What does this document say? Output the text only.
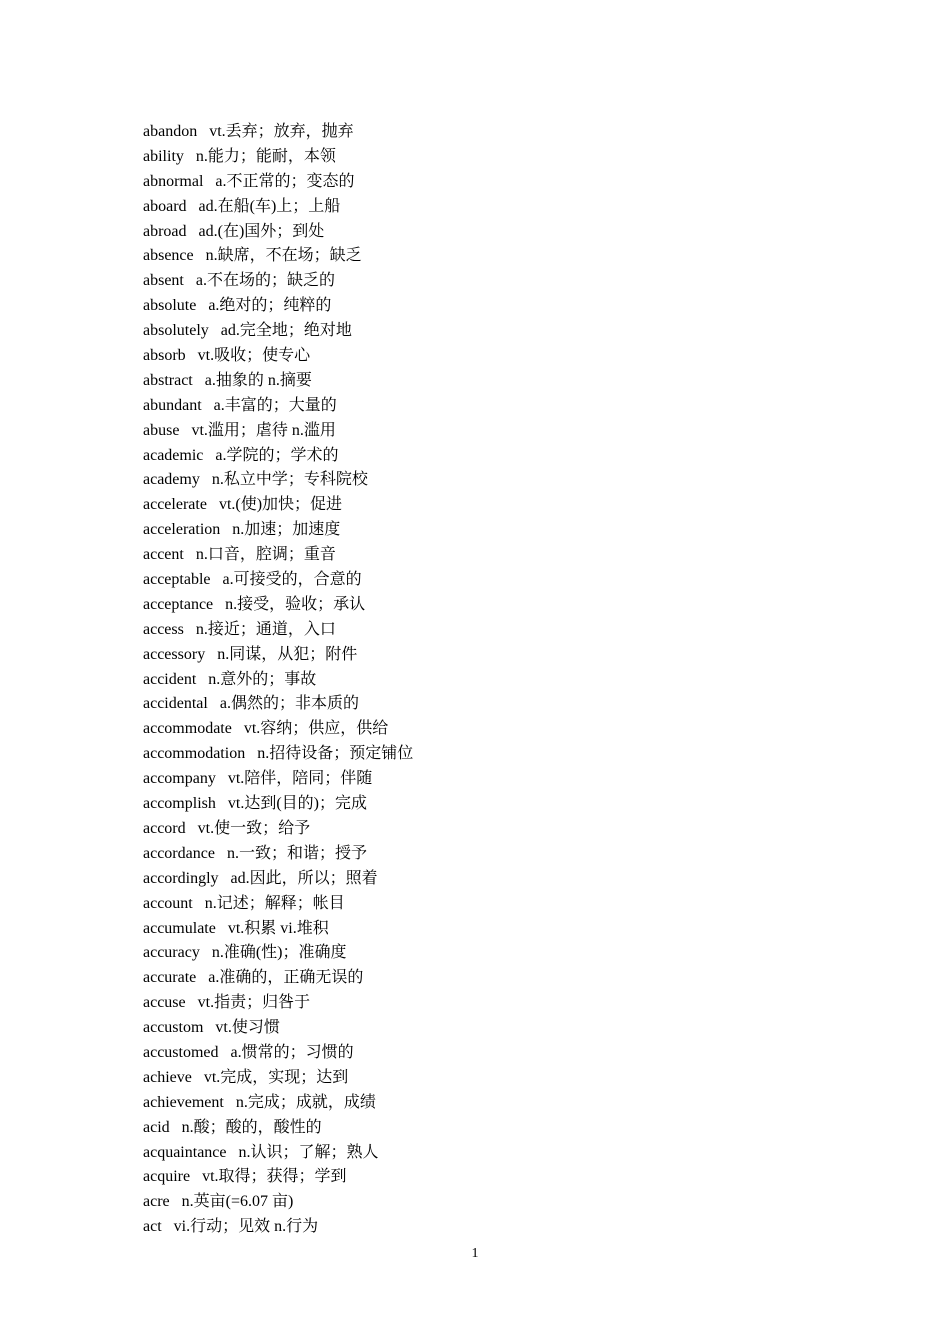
abandon vt.丢弃；放弃，抛弃
ability n.能力；能耐，本领
abnormal a.不正常的；变态的
aboard ad.在船(车)上；上船
abroad ad.(在)国外；到处
absence n.缺席，不在场；缺乏
absent a.不在场的；缺乏的
absolute a.绝对的；纯粹的
absolutely ad.完全地；绝对地
absorb vt.吸收；使专心
abstract a.抽象的 n.摘要
abundant a.丰富的；大量的
abuse vt.滥用；虐待 n.滥用
academic a.学院的；学术的
academy n.私立中学；专科院校
accelerate vt.(使)加快；促进
acceleration n.加速；加速度
accent n.口音，腔调；重音
acceptable a.可接受的，合意的
acceptance n.接受，验收；承认
access n.接近；通道，入口
accessory n.同谋，从犯；附件
accident n.意外的；事故
accidental a.偶然的；非本质的
accommodate vt.容纳；供应，供给
accommodation n.招待设备；预定铺位
accompany vt.陪伴，陪同；伴随
accomplish vt.达到(目的)；完成
accord vt.使一致；给予
accordance n.一致；和谐；授予
accordingly ad.因此，所以；照着
account n.记述；解释；帐目
accumulate vt.积累 vi.堆积
accuracy n.准确(性)；准确度
accurate a.准确的，正确无误的
accuse vt.指责；归咎于
accustom vt.使习惯
accustomed a.惯常的；习惯的
achieve vt.完成，实现；达到
achievement n.完成；成就，成绩
acid n.酸；酸的，酸性的
acquaintance n.认识；了解；熟人
acquire vt.取得；获得；学到
acre n.英亩(=6.07 亩)
act vi.行动；见效 n.行为
1
